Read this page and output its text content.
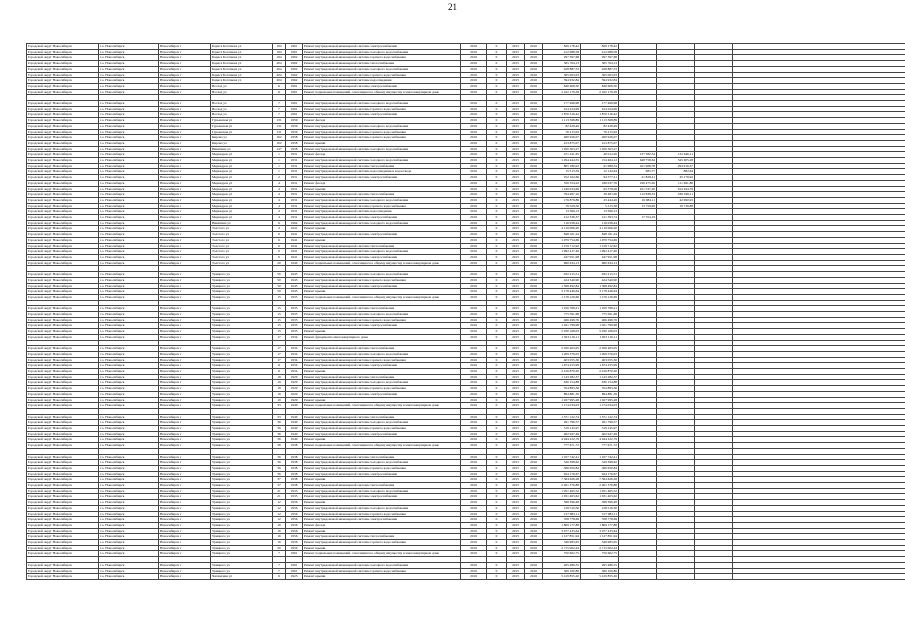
21
Городской округ Новосибирск	г.о. Новосибирск	Новосибирск г	Бориса Богаткова ул	194	1961	Ремонт внутридомовой инженерной системы электроснабжения	2016	0	2015	2016	829 178,42	829 178,42				
Городской округ Новосибирск	г.о. Новосибирск	Новосибирск г	Бориса Богаткова ул	194	1961	Ремонт внутридомовой инженерной системы холодного водоснабжения	2016	0	2015	2016	412 088,58	412 088,58				
Городской округ Новосибирск	г.о. Новосибирск	Новосибирск г	Бориса Богаткова ул	194	1962	Ремонт внутридомовой инженерной системы горячего водоснабжения	2016	0	2015	2016	297 397,68	297 397,68				
Городской округ Новосибирск	г.о. Новосибирск	Новосибирск г	Бориса Богаткова ул	204	1962	Ремонт внутридомовой инженерной системы теплоснабжения	2016	0	2015	2016	565 764,13	565 764,13				
Городской округ Новосибирск	г.о. Новосибирск	Новосибирск г	Бориса Богаткова ул	204	1962	Ремонт внутридомовой инженерной системы холодного водоснабжения	2016	0	2015	2016	428 887,53	428 887,53				
Городской округ Новосибирск	г.о. Новосибирск	Новосибирск г	Бориса Богаткова ул	204	1962	Ремонт внутридомовой инженерной системы горячего водоснабжения	2016	0	2015	2016	365 003,03	365 003,03				
Городской округ Новосибирск	г.о. Новосибирск	Новосибирск г	Бориса Богаткова ул	204	1962	Ремонт внутридомовой инженерной системы водоотведения	2016	0	2015	2016	394 932,84	394 932,84				
Городской округ Новосибирск	г.о. Новосибирск	Новосибирск г	Восход ул	11	1961	Ремонт внутридомовой инженерной системы электроснабжения	2016	0	2015	2016	846 608,30	846 608,30				
Городской округ Новосибирск	г.о. Новосибирск	Новосибирск г	Восход ул	11	1961	Ремонт подвальных помещений, относящихся к общему имуществу в многоквартирном доме	2016	0	2015	2016	2 162 179,39	2 162 179,39				

Городской округ Новосибирск	г.о. Новосибирск	Новосибирск г	Восход ул	7	1961	Ремонт внутридомовой инженерной системы холодного водоснабжения	2016	0	2015	2016	177 496,98	177 496,98				
Городской округ Новосибирск	г.о. Новосибирск	Новосибирск г	Восход ул	7	1961	Ремонт внутридомовой инженерной системы горячего водоснабжения	2016	0	2015	2016	614 224,99	614 224,99				
Городской округ Новосибирск	г.о. Новосибирск	Новосибирск г	Восход ул	7	1961	Ремонт внутридомовой инженерной системы электроснабжения	2016	0	2015	2016	1 870 316,42	1 870 316,42				
Городской округ Новосибирск	г.о. Новосибирск	Новосибирск г	Гурьевская ул	131	1959	Ремонт фасада	2016	0	2015	2016	1 113 368,89	1 113 368,89				
Городской округ Новосибирск	г.о. Новосибирск	Новосибирск г	Гурьевская ул	131	1959	Ремонт внутридомовой инженерной системы холодного водоснабжения	2016	0	2015	2016	82 428,49	82 428,49				
Городской округ Новосибирск	г.о. Новосибирск	Новосибирск г	Гурьевская ул	131	1959	Ремонт внутридомовой инженерной системы горячего водоснабжения	2016	0	2015	2016	76 215,02	76 215,02				
Городской округ Новосибирск	г.о. Новосибирск	Новосибирск г	Кирова ул	102	1958	Ремонт внутридомовой инженерной системы горячего водоснабжения	2016	0	2015	2016	460 926,07	460 926,07				
Городской округ Новосибирск	г.о. Новосибирск	Новосибирск г	Кирова ул	102	1958	Ремонт крыши	2016	0	2015	2016	413 875,07	413 875,07				
Городской округ Новосибирск	г.о. Новосибирск	Новосибирск г	Никитина ул	147	1958	Ремонт внутридомовой инженерной системы холодного водоснабжения	2016	0	2015	2016	1 050 303,27	1 050 303,27				
Городской округ Новосибирск	г.о. Новосибирск	Новосибирск г	Медкадров ул	1	1931	Ремонт фасада	2016	0	2015	2016	471 241,65	40 012,26	137 582,54	132 646,11		
Городской округ Новосибирск	г.о. Новосибирск	Новосибирск г	Медкадров ул	1	1931	Ремонт внутридомовой инженерной системы холодного водоснабжения	2016	0	2015	2016	1 294 444,55	154 464,12	648 758,64	345 605,28		
Городской округ Новосибирск	г.о. Новосибирск	Новосибирск г	Медкадров ул	1	1931	Ремонт внутридомовой инженерной системы теплоснабжения	2016	0	2015	2016	805 180,02	61 988,34	161 968,78	294 916,37		
Городской округ Новосибирск	г.о. Новосибирск	Новосибирск г	Медкадров ул	1	1931	Ремонт внутридомовой инженерной системы водоотведения и водоотвода	2016	0	2015	2016	15 515,59	12 142,94	685,77	882,64		
Городской округ Новосибирск	г.о. Новосибирск	Новосибирск г	Медкадров ул	2	1931	Ремонт внутридомовой инженерной системы электроснабжения	2016	0	2015	2016	252 162,66	94 577,21	21 828,41	45 176,92		
Городской округ Новосибирск	г.о. Новосибирск	Новосибирск г	Медкадров ул	4	1931	Ремонт фасада	2016	0	2015	2016	550 554,22	186 037,76	196 475,26	111 691,86		
Городской округ Новосибирск	г.о. Новосибирск	Новосибирск г	Медкадров ул	4	1931	Ремонт крыши	2016	0	2015	2016	1 249 934,69	63 378,28	221 537,26	614 294,79		
Городской округ Новосибирск	г.о. Новосибирск	Новосибирск г	Медкадров ул	4	1931	Ремонт внутридомовой инженерной системы теплоснабжения	2016	0	2015	2016	794 497,16	39 481,06	112 838,33	186 048,11		
Городской округ Новосибирск	г.о. Новосибирск	Новосибирск г	Медкадров ул	4	1931	Ремонт внутридомовой инженерной системы холодного водоснабжения	2016	0	2015	2016	176 879,89	23 444,26	16 084,11	42 990,93		
Городской округ Новосибирск	г.о. Новосибирск	Новосибирск г	Медкадров ул	4	1931	Ремонт внутридомовой инженерной системы горячего водоснабжения	2016	0	2015	2016	79 529,56	5 315,58	13 759,99	19 736,88		
Городской округ Новосибирск	г.о. Новосибирск	Новосибирск г	Медкадров ул	4	1931	Ремонт внутридомовой инженерной системы водоотведения	2016	0	2015	2016	13 566,13	13 566,13				
Городской округ Новосибирск	г.о. Новосибирск	Новосибирск г	Медкадров ул	4	1931	Ремонт внутридомовой инженерной системы электроснабжения	2016	0	2015	2016	212 336,37	121 393,74	17 354,19			
Городской округ Новосибирск	г.о. Новосибирск	Новосибирск г	Никитина ул	6	1964	Ремонт внутридомовой инженерной системы холодного водоснабжения	2016	0	2015	2016	116 058,44	116 058,44				
Городской округ Новосибирск	г.о. Новосибирск	Новосибирск г	Толстого ул	4	1941	Ремонт крыши	2016	0	2015	2016	4 119 006,20	4 119 006,20				
Городской округ Новосибирск	г.о. Новосибирск	Новосибирск г	Толстого ул	6	1941	Ремонт внутридомовой инженерной системы электроснабжения	2016	0	2015	2016	848 161,24	848 161,24				
Городской округ Новосибирск	г.о. Новосибирск	Новосибирск г	Толстого ул	6	1941	Ремонт крыши	2016	0	2015	2016	1 079 754,69	1 079 754,69				
Городской округ Новосибирск	г.о. Новосибирск	Новосибирск г	Толстого ул	6	1941	Ремонт внутридомовой инженерной системы теплоснабжения	2016	0	2015	2016	1 159 712,92	1 159 712,92				
Городской округ Новосибирск	г.о. Новосибирск	Новосибирск г	Толстого ул	6	1941	Ремонт внутридомовой инженерной системы холодного водоснабжения	2016	0	2015	2016	1 992 417,46	1 992 417,46				
Городской округ Новосибирск	г.о. Новосибирск	Новосибирск г	Толстого ул	6	1941	Ремонт внутридомовой инженерной системы электроснабжения	2016	0	2015	2016	447 951,98	447 951,98				
Городской округ Новосибирск	г.о. Новосибирск	Новосибирск г	Толстого ул	20	1940	Ремонт подвальных помещений, относящихся к общему имуществу в многоквартирном доме	2016	0	2015	2016	960 634,13	960 634,13				

Городской округ Новосибирск	г.о. Новосибирск	Новосибирск г	Урицкого ул	50	1945	Ремонт внутридомовой инженерной системы холодного водоснабжения	2016	0	2015	2016	932 215,51	932 215,51				
Городской округ Новосибирск	г.о. Новосибирск	Новосибирск г	Урицкого ул	50	1945	Ремонт внутридомовой инженерной системы горячего водоснабжения	2016	0	2015	2016	424 540,90	424 540,90				
Городской округ Новосибирск	г.о. Новосибирск	Новосибирск г	Урицкого ул	50	1945	Ремонт внутридомовой инженерной системы электроснабжения	2016	0	2015	2016	1 398 492,84	1 398 492,84				
Городской округ Новосибирск	г.о. Новосибирск	Новосибирск г	Урицкого ул	50	1945	Ремонт крыши	2016	0	2015	2016	3 178 446,64	3 178 446,64				
Городской округ Новосибирск	г.о. Новосибирск	Новосибирск г	Урицкого ул	15	1933	Ремонт подвальных помещений, относящихся к общему имуществу в многоквартирном доме	2016	0	2015	2016	1 176 129,69	1 176 129,69				

Городской округ Новосибирск	г.о. Новосибирск	Новосибирск г	Урицкого ул	15	1935	Ремонт внутридомовой инженерной системы теплоснабжения	2016	0	2015	2016	1 250 768,21	1 250 768,21				
Городской округ Новосибирск	г.о. Новосибирск	Новосибирск г	Урицкого ул	15	1935	Ремонт внутридомовой инженерной системы холодного водоснабжения	2016	0	2015	2016	775 591,68	775 591,68				
Городской округ Новосибирск	г.о. Новосибирск	Новосибирск г	Урицкого ул	15	1935	Ремонт внутридомовой инженерной системы горячего водоснабжения	2016	0	2015	2016	466 499,76	466 499,76				
Городской округ Новосибирск	г.о. Новосибирск	Новосибирск г	Урицкого ул	15	1935	Ремонт внутридомовой инженерной системы электроснабжения	2016	0	2015	2016	1 021 799,98	1 021 799,98				
Городской округ Новосибирск	г.о. Новосибирск	Новосибирск г	Урицкого ул	15	1935	Ремонт крыши	2016	0	2015	2016	5 030 168,03	5 030 168,03				
Городской округ Новосибирск	г.о. Новосибирск	Новосибирск г	Урицкого ул	17	1934	Ремонт фундамента многоквартирного дома	2016	0	2015	2016	1 923 116,11	1 923 116,11				

Городской округ Новосибирск	г.о. Новосибирск	Новосибирск г	Урицкого ул	17	1934	Ремонт внутридомовой инженерной системы теплоснабжения	2016	0	2015	2016	2 026 463,05	2 026 463,05				
Городской округ Новосибирск	г.о. Новосибирск	Новосибирск г	Урицкого ул	17	1934	Ремонт внутридомовой инженерной системы холодного водоснабжения	2016	0	2015	2016	1 209 576,03	1 209 576,03				
Городской округ Новосибирск	г.о. Новосибирск	Новосибирск г	Урицкого ул	17	1934	Ремонт внутридомовой инженерной системы горячего водоснабжения	2016	0	2015	2016	403 055,30	403 055,30				
Городской округ Новосибирск	г.о. Новосибирск	Новосибирск г	Урицкого ул	11	1954	Ремонт внутридомовой инженерной системы электроснабжения	2016	0	2015	2016	1 674 255,99	1 674 255,99				
Городской округ Новосибирск	г.о. Новосибирск	Новосибирск г	Урицкого ул	11	1954	Ремонт крыши	2016	0	2015	2016	2 416 870,20	2 416 870,20				
Городской округ Новосибирск	г.о. Новосибирск	Новосибирск г	Урицкого ул	19	1929	Ремонт внутридомовой инженерной системы теплоснабжения	2016	0	2015	2016	1 143 282,37	1 143 282,37				
Городской округ Новосибирск	г.о. Новосибирск	Новосибирск г	Урицкого ул	19	1929	Ремонт внутридомовой инженерной системы холодного водоснабжения	2016	0	2015	2016	630 154,88	630 154,88				
Городской округ Новосибирск	г.о. Новосибирск	Новосибирск г	Урицкого ул	19	1929	Ремонт внутридомовой инженерной системы горячего водоснабжения	2016	0	2015	2016	354 893,36	354 893,36				
Городской округ Новосибирск	г.о. Новосибирск	Новосибирск г	Урицкого ул	19	1929	Ремонт внутридомовой инженерной системы электроснабжения	2016	0	2015	2016	894 881,39	894 881,39				
Городской округ Новосибирск	г.о. Новосибирск	Новосибирск г	Урицкого ул	19	1929	Ремонт крыши	2016	0	2015	2016	1 927 995,28	1 927 995,28				
Городской округ Новосибирск	г.о. Новосибирск	Новосибирск г	Урицкого ул	33	1949	Ремонт подвальных помещений, относящихся к общему имуществу в многоквартирном доме	2016	0	2015	2016	1 174 034,03	1 174 034,03				

Городской округ Новосибирск	г.о. Новосибирск	Новосибирск г	Урицкого ул	33	1949	Ремонт внутридомовой инженерной системы теплоснабжения	2016	0	2015	2016	1 371 122,74	1 371 122,74				
Городской округ Новосибирск	г.о. Новосибирск	Новосибирск г	Урицкого ул	36	1949	Ремонт внутридомовой инженерной системы холодного водоснабжения	2016	0	2015	2016	261 796,57	261 796,57				
Городской округ Новосибирск	г.о. Новосибирск	Новосибирск г	Урицкого ул	36	1949	Ремонт внутридомовой инженерной системы горячего водоснабжения	2016	0	2015	2016	519 145,97	519 145,97				
Городской округ Новосибирск	г.о. Новосибирск	Новосибирск г	Урицкого ул	36	1949	Ремонт внутридомовой инженерной системы электроснабжения	2016	0	2015	2016	402 947,49	402 947,49				
Городской округ Новосибирск	г.о. Новосибирск	Новосибирск г	Урицкого ул	36	1949	Ремонт крыши	2016	0	2015	2016	4 944 222,79	4 944 222,79				
Городской округ Новосибирск	г.о. Новосибирск	Новосибирск г	Урицкого ул	36	1938	Ремонт подвальных помещений, относящихся к общему имуществу в многоквартирном доме	2016	0	2015	2016	777 671,72	777 671,72				

Городской округ Новосибирск	г.о. Новосибирск	Новосибирск г	Урицкого ул	36	1938	Ремонт внутридомовой инженерной системы теплоснабжения	2016	0	2015	2016	1 107 742,41	1 107 742,41				
Городской округ Новосибирск	г.о. Новосибирск	Новосибирск г	Урицкого ул	36	1938	Ремонт внутридомовой инженерной системы холодного водоснабжения	2016	0	2015	2016	326 398,62	326 398,62				
Городской округ Новосибирск	г.о. Новосибирск	Новосибирск г	Урицкого ул	36	1938	Ремонт внутридомовой инженерной системы горячего водоснабжения	2016	0	2015	2016	366 650,84	366 650,84				
Городской округ Новосибирск	г.о. Новосибирск	Новосибирск г	Урицкого ул	36	1938	Ремонт внутридомовой инженерной системы электроснабжения	2016	0	2015	2016	924 176,67	924 176,67				
Городской округ Новосибирск	г.о. Новосибирск	Новосибирск г	Урицкого ул	37	1938	Ремонт крыши	2016	0	2015	2016	7 364 626,28	7 364 626,28				
Городской округ Новосибирск	г.о. Новосибирск	Новосибирск г	Урицкого ул	37	1938	Ремонт внутридомовой инженерной системы теплоснабжения	2016	0	2015	2016	2 261 376,88	2 261 376,88				
Городской округ Новосибирск	г.о. Новосибирск	Новосибирск г	Урицкого ул	21	1935	Ремонт внутридомовой инженерной системы холодного водоснабжения	2016	0	2015	2016	1 051 465,52	1 051 465,52				
Городской округ Новосибирск	г.о. Новосибирск	Новосибирск г	Урицкого ул	21	1935	Ремонт внутридомовой инженерной системы электроснабжения	2016	0	2015	2016	1 031 403,62	1 031 403,62				
Городской округ Новосибирск	г.о. Новосибирск	Новосибирск г	Урицкого ул	12	1956	Ремонт крыши	2016	0	2015	2016	598 396,48	598 396,48				
Городской округ Новосибирск	г.о. Новосибирск	Новосибирск г	Урицкого ул	12	1956	Ремонт внутридомовой инженерной системы холодного водоснабжения	2016	0	2015	2016	128 510,50	128 510,50				
Городской округ Новосибирск	г.о. Новосибирск	Новосибирск г	Урицкого ул	12	1956	Ремонт внутридомовой инженерной системы горячего водоснабжения	2016	0	2015	2016	157 983,11	157 983,11				
Городской округ Новосибирск	г.о. Новосибирск	Новосибирск г	Урицкого ул	12	1956	Ремонт внутридомовой инженерной системы электроснабжения	2016	0	2015	2016	358 778,69	358 778,69				
Городской округ Новосибирск	г.о. Новосибирск	Новосибирск г	Урицкого ул	16	1956	Ремонт фасада	2016	0	2015	2016	1 809 177,88	1 809 177,88				
Городской округ Новосибирск	г.о. Новосибирск	Новосибирск г	Урицкого ул	16	1956	Ремонт крыши	2016	0	2015	2016	3 077 433,64	3 077 433,64				
Городской округ Новосибирск	г.о. Новосибирск	Новосибирск г	Урицкого ул	16	1956	Ремонт внутридомовой инженерной системы теплоснабжения	2016	0	2015	2016	1 127 851,94	1 127 851,94				
Городской округ Новосибирск	г.о. Новосибирск	Новосибирск г	Урицкого ул	16	1956	Ремонт внутридомовой инженерной системы горячего водоснабжения	2016	0	2015	2016	346 983,65	346 983,65				
Городской округ Новосибирск	г.о. Новосибирск	Новосибирск г	Урицкого ул	20	1950	Ремонт крыши	2016	0	2015	2016	2 715 002,44	2 715 002,44				
Городской округ Новосибирск	г.о. Новосибирск	Новосибирск г	Урицкого ул	7	1961	Ремонт подвальных помещений, относящихся к общему имуществу в многоквартирном доме	2016	0	2015	2016	750 602,75	750 602,75				

Городской округ Новосибирск	г.о. Новосибирск	Новосибирск г	Урицкого ул	7	1961	Ремонт внутридомовой инженерной системы холодного водоснабжения	2016	0	2015	2016	265 486,55	265 486,55				
Городской округ Новосибирск	г.о. Новосибирск	Новосибирск г	Урицкого ул	7	1961	Ремонт внутридомовой инженерной системы горячего водоснабжения	2016	0	2015	2016	369 100,86	369 100,86				
Городской округ Новосибирск	г.о. Новосибирск	Новосибирск г	Чаплыгина ул	6	1925	Ремонт крыши	2016	0	2015	2016	5 419 855,26	5 419 855,26				
